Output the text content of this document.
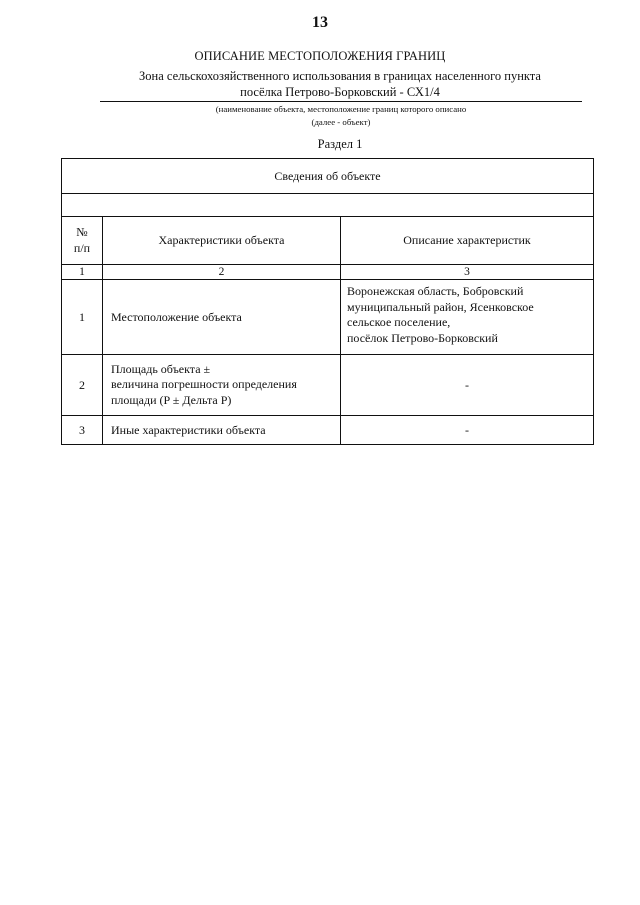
13
ОПИСАНИЕ МЕСТОПОЛОЖЕНИЯ ГРАНИЦ
Зона сельскохозяйственного использования в границах населенного пункта
посёлка Петрово-Борковский - СХ1/4
(наименование объекта, местоположение границ которого описано
(далее - объект)
Раздел 1
Сведения об объекте		

№
п/п	Характеристики объекта	Описание характеристик
1	2	3
1	Местоположение объекта	Воронежская область, Бобровский
муниципальный район, Ясенковское
сельское поселение,
посёлок Петрово-Борковский

2	Площадь объекта ±
величина погрешности определения
площади (P ± Дельта P)	-

3	Иные характеристики объекта	-
